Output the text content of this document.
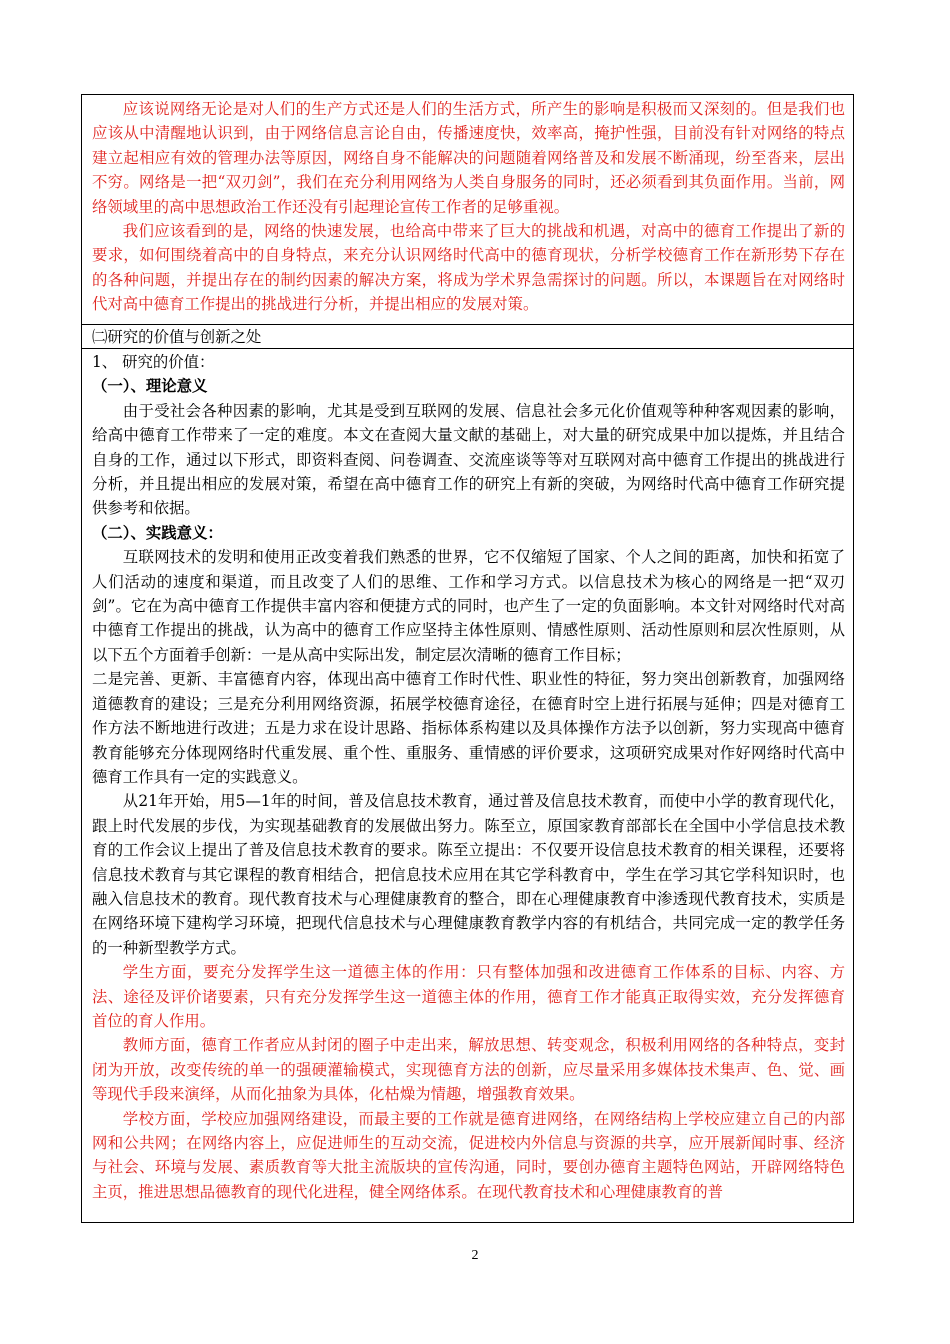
应该说网络无论是对人们的生产方式还是人们的生活方式，所产生的影响是积极而又深刻的。但是我们也应该从中清醒地认识到，由于网络信息言论自由，传播速度快，效率高，掩护性强，目前没有针对网络的特点建立起相应有效的管理办法等原因，网络自身不能解决的问题随着网络普及和发展不断涌现，纷至沓来，层出不穷。网络是一把“双刃剑”，我们在充分利用网络为人类自身服务的同时，还必须看到其负面作用。当前，网络领域里的高中思想政治工作还没有引起理论宣传工作者的足够重视。

我们应该看到的是，网络的快速发展，也给高中带来了巨大的挑战和机遇，对高中的德育工作提出了新的要求，如何围绕着高中的自身特点，来充分认识网络时代高中的德育现状，分析学校德育工作在新形势下存在的各种问题，并提出存在的制约因素的解决方案，将成为学术界急需探讨的问题。所以，本课题旨在对网络时代对高中德育工作提出的挑战进行分析，并提出相应的发展对策。

㈡研究的价值与创新之处

1、 研究的价值：

（一）、理论意义

由于受社会各种因素的影响，尤其是受到互联网的发展、信息社会多元化价值观等种种客观因素的影响，给高中德育工作带来了一定的难度。本文在查阅大量文献的基础上，对大量的研究成果中加以提炼，并且结合自身的工作，通过以下形式，即资料查阅、问卷调查、交流座谈等等对互联网对高中德育工作提出的挑战进行分析，并且提出相应的发展对策，希望在高中德育工作的研究上有新的突破，为网络时代高中德育工作研究提供参考和依据。

（二）、实践意义：

互联网技术的发明和使用正改变着我们熟悉的世界，它不仅缩短了国家、个人之间的距离，加快和拓宽了人们活动的速度和渠道，而且改变了人们的思维、工作和学习方式。以信息技术为核心的网络是一把“双刃剑”。它在为高中德育工作提供丰富内容和便捷方式的同时，也产生了一定的负面影响。本文针对网络时代对高中德育工作提出的挑战，认为高中的德育工作应坚持主体性原则、情感性原则、活动性原则和层次性原则，从以下五个方面着手创新：一是从高中实际出发，制定层次清晰的德育工作目标；

二是完善、更新、丰富德育内容，体现出高中德育工作时代性、职业性的特征，努力突出创新教育，加强网络道德教育的建设；三是充分利用网络资源，拓展学校德育途径，在德育时空上进行拓展与延伸；四是对德育工作方法不断地进行改进；五是力求在设计思路、指标体系构建以及具体操作方法予以创新，努力实现高中德育教育能够充分体现网络时代重发展、重个性、重服务、重情感的评价要求，这项研究成果对作好网络时代高中德育工作具有一定的实践意义。

从21年开始，用5—1年的时间，普及信息技术教育，通过普及信息技术教育，而使中小学的教育现代化，跟上时代发展的步伐，为实现基础教育的发展做出努力。陈至立，原国家教育部部长在全国中小学信息技术教育的工作会议上提出了普及信息技术教育的要求。陈至立提出：不仅要开设信息技术教育的相关课程，还要将信息技术教育与其它课程的教育相结合，把信息技术应用在其它学科教育中，学生在学习其它学科知识时，也融入信息技术的教育。现代教育技术与心理健康教育的整合，即在心理健康教育中渗透现代教育技术，实质是在网络环境下建构学习环境，把现代信息技术与心理健康教育教学内容的有机结合，共同完成一定的教学任务的一种新型教学方式。

学生方面，要充分发挥学生这一道德主体的作用：只有整体加强和改进德育工作体系的目标、内容、方法、途径及评价诸要素，只有充分发挥学生这一道德主体的作用，德育工作才能真正取得实效，充分发挥德育首位的育人作用。

教师方面，德育工作者应从封闭的圈子中走出来，解放思想、转变观念，积极利用网络的各种特点，变封闭为开放，改变传统的单一的强硬灌输模式，实现德育方法的创新，应尽量采用多媒体技术集声、色、觉、画等现代手段来演绎，从而化抽象为具体，化枯燥为情趣，增强教育效果。

学校方面，学校应加强网络建设，而最主要的工作就是德育进网络，在网络结构上学校应建立自己的内部网和公共网；在网络内容上，应促进师生的互动交流，促进校内外信息与资源的共享，应开展新闻时事、经济与社会、环境与发展、素质教育等大批主流版块的宣传沟通，同时，要创办德育主题特色网站，开辟网络特色主页，推进思想品德教育的现代化进程，健全网络体系。在现代教育技术和心理健康教育的普

2
